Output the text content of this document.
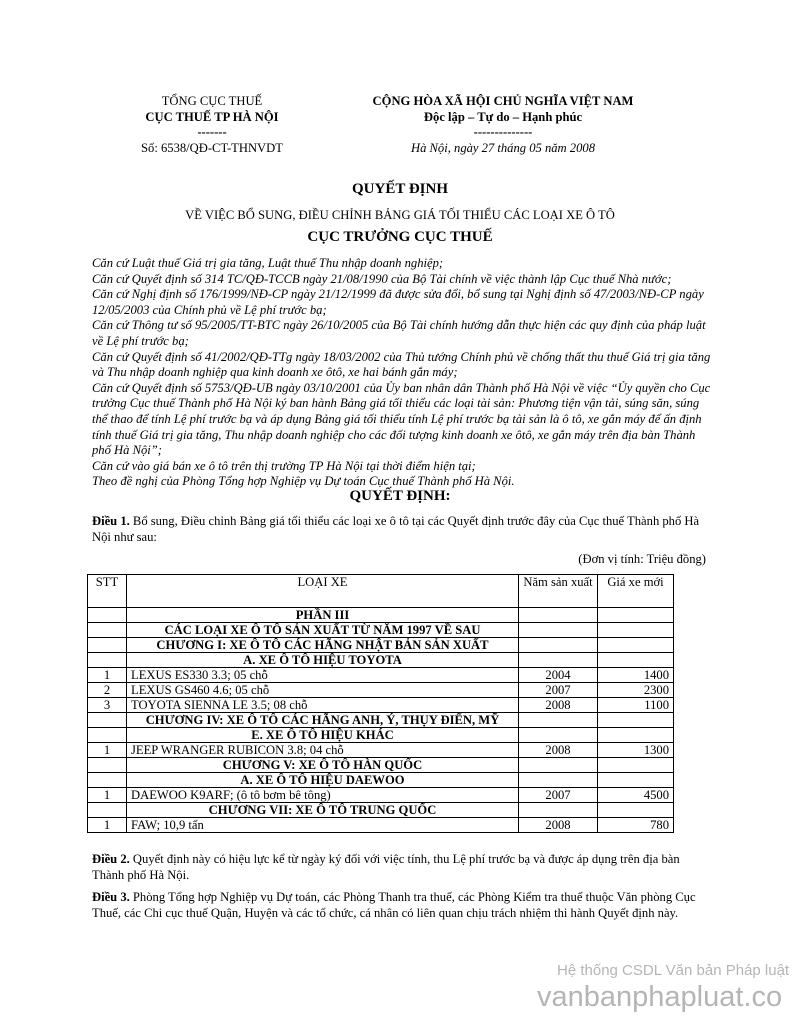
TỔNG CỤC THUẾ
CỤC THUẾ TP HÀ NỘI
-------
Số: 6538/QĐ-CT-THNVDT
CỘNG HÒA XÃ HỘI CHỦ NGHĨA VIỆT NAM
Độc lập – Tự do – Hạnh phúc
--------------
Hà Nội, ngày 27 tháng 05 năm 2008
QUYẾT ĐỊNH
VỀ VIỆC BỔ SUNG, ĐIỀU CHỈNH BẢNG GIÁ TỐI THIỂU CÁC LOẠI XE Ô TÔ
CỤC TRƯỞNG CỤC THUẾ

Căn cứ Luật thuế Giá trị gia tăng, Luật thuế Thu nhập doanh nghiệp;

Căn cứ Quyết định số 314 TC/QĐ-TCCB ngày 21/08/1990 của Bộ Tài chính về việc thành lập Cục thuế Nhà nước;

Căn cứ Nghị định số 176/1999/NĐ-CP ngày 21/12/1999 đã được sửa đổi, bổ sung tại Nghị định số 47/2003/NĐ-CP ngày 12/05/2003 của Chính phủ về Lệ phí trước bạ;

Căn cứ Thông tư số 95/2005/TT-BTC ngày 26/10/2005 của Bộ Tài chính hướng dẫn thực hiện các quy định của pháp luật về Lệ phí trước bạ;

Căn cứ Quyết định số 41/2002/QĐ-TTg ngày 18/03/2002 của Thủ tướng Chính phủ về chống thất thu thuế Giá trị gia tăng và Thu nhập doanh nghiệp qua kinh doanh xe ôtô, xe hai bánh gắn máy;

Căn cứ Quyết định số 5753/QĐ-UB ngày 03/10/2001 của Ủy ban nhân dân Thành phố Hà Nội về việc “Ủy quyền cho Cục trưởng Cục thuế Thành phố Hà Nội ký ban hành Bảng giá tối thiểu các loại tài sản: Phương tiện vận tải, súng săn, súng thể thao để tính Lệ phí trước bạ và áp dụng Bảng giá tối thiểu tính Lệ phí trước bạ tài sản là ô tô, xe gắn máy để ấn định tính thuế Giá trị gia tăng, Thu nhập doanh nghiệp cho các đối tượng kinh doanh xe ôtô, xe gắn máy trên địa bàn Thành phố Hà Nội”;

Căn cứ vào giá bán xe ô tô trên thị trường TP Hà Nội tại thời điểm hiện tại;

Theo đề nghị của Phòng Tổng hợp Nghiệp vụ Dự toán Cục thuế Thành phố Hà Nội.

QUYẾT ĐỊNH:
Điều 1. Bổ sung, Điều chỉnh Bảng giá tối thiểu các loại xe ô tô tại các Quyết định trước đây của Cục thuế Thành phố Hà Nội như sau:
(Đơn vị tính: Triệu đồng)
STT	LOẠI XE	Năm sản xuất	Giá xe mới
	PHẦN III		
	CÁC LOẠI XE Ô TÔ SẢN XUẤT TỪ NĂM 1997 VỀ SAU		
	CHƯƠNG I: XE Ô TÔ CÁC HÃNG NHẬT BẢN SẢN XUẤT		
	A. XE Ô TÔ HIỆU TOYOTA		
1	LEXUS ES330 3.3; 05 chỗ	2004	1400
2	LEXUS GS460 4.6; 05 chỗ	2007	2300
3	TOYOTA SIENNA LE 3.5; 08 chỗ	2008	1100
	CHƯƠNG IV: XE Ô TÔ CÁC HÃNG ANH, Ý, THỤY ĐIỂN, MỸ		
	E. XE Ô TÔ HIỆU KHÁC		
1	JEEP WRANGER RUBICON 3.8; 04 chỗ	2008	1300
	CHƯƠNG V: XE Ô TÔ HÀN QUỐC		
	A. XE Ô TÔ HIỆU DAEWOO		
1	DAEWOO K9ARF; (ô tô bơm bê tông)	2007	4500
	CHƯƠNG VII: XE Ô TÔ TRUNG QUỐC		
1	FAW; 10,9 tấn	2008	780
Điều 2. Quyết định này có hiệu lực kể từ ngày ký đối với việc tính, thu Lệ phí trước bạ và được áp dụng trên địa bàn Thành phố Hà Nội.
Điều 3. Phòng Tổng hợp Nghiệp vụ Dự toán, các Phòng Thanh tra thuế, các Phòng Kiểm tra thuế thuộc Văn phòng Cục Thuế, các Chi cục thuế Quận, Huyện và các tổ chức, cá nhân có liên quan chịu trách nhiệm thi hành Quyết định này.
Hệ thống CSDL Văn bản Pháp luật
vanbanphapluat.co
